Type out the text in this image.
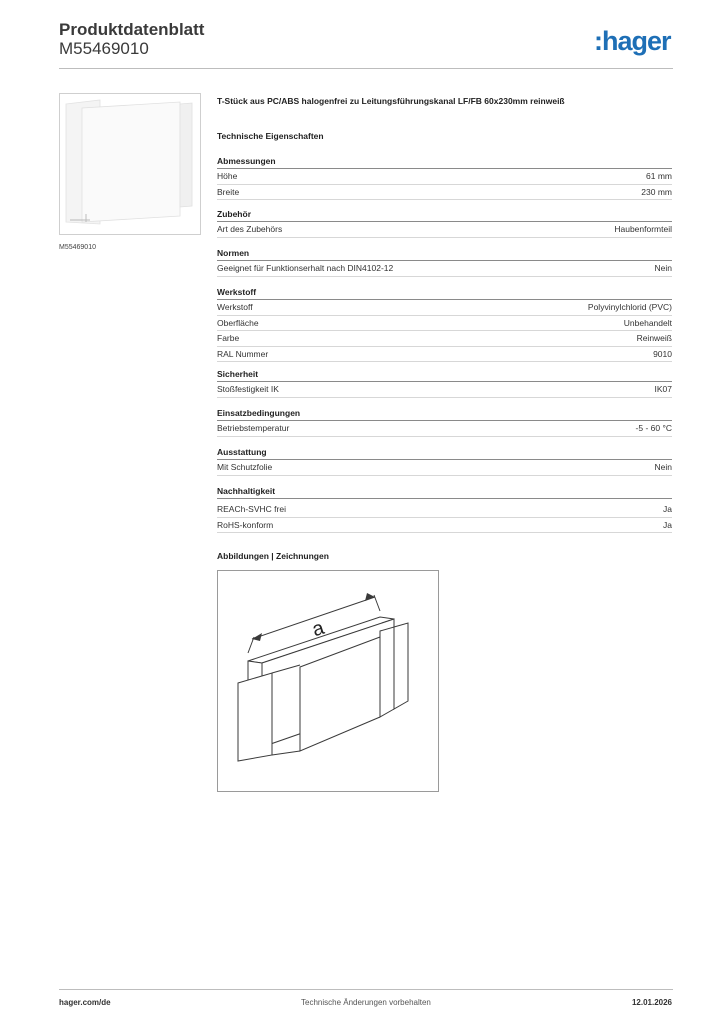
Produktdatenblatt
M55469010	:hager
M55469010
T-Stück aus PC/ABS halogenfrei zu Leitungsführungskanal LF/FB 60x230mm reinweiß
Technische Eigenschaften
Abmessungen
Höhe	61 mm
Breite	230 mm
Zubehör
Art des Zubehörs	Haubenformteil
Normen
Geeignet für Funktionserhalt nach DIN4102-12	Nein
Werkstoff
Werkstoff	Polyvinylchlorid (PVC)
Oberfläche	Unbehandelt
Farbe	Reinweiß
RAL Nummer	9010
Sicherheit
Stoßfestigkeit IK	IK07
Einsatzbedingungen
Betriebstemperatur	-5 - 60 °C
Ausstattung
Mit Schutzfolie	Nein
Nachhaltigkeit
REACh-SVHC frei	Ja
RoHS-konform	Ja
Abbildungen | Zeichnungen
a
hager.com/de	Technische Änderungen vorbehalten	12.01.2026
